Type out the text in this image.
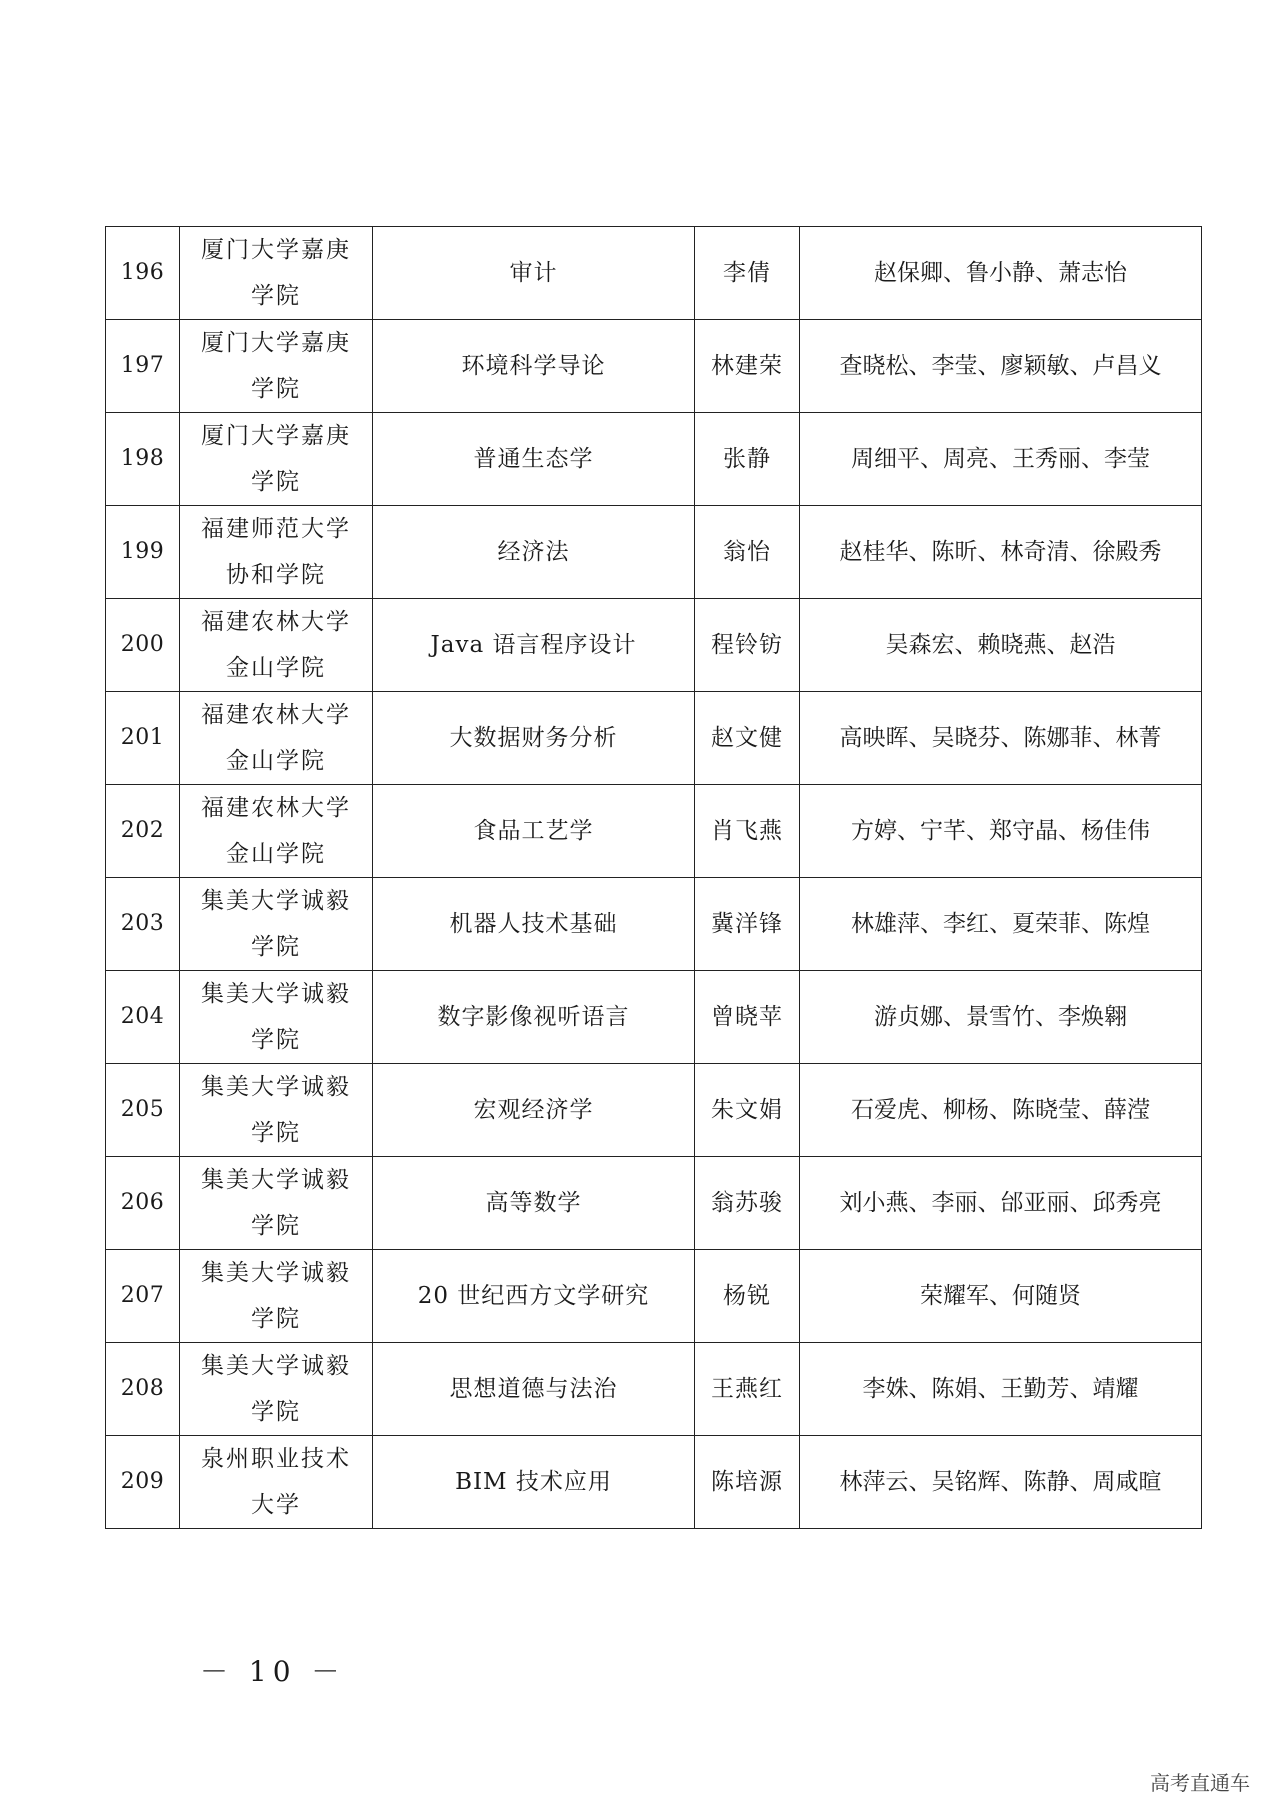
196	厦门大学嘉庚学院	审计	李倩	赵保卿、鲁小静、萧志怡
197	厦门大学嘉庚学院	环境科学导论	林建荣	查晓松、李莹、廖颖敏、卢昌义
198	厦门大学嘉庚学院	普通生态学	张静	周细平、周亮、王秀丽、李莹
199	福建师范大学协和学院	经济法	翁怡	赵桂华、陈昕、林奇清、徐殿秀
200	福建农林大学金山学院	Java 语言程序设计	程铃钫	吴森宏、赖晓燕、赵浩
201	福建农林大学金山学院	大数据财务分析	赵文健	高映晖、吴晓芬、陈娜菲、林菁
202	福建农林大学金山学院	食品工艺学	肖飞燕	方婷、宁芊、郑守晶、杨佳伟
203	集美大学诚毅学院	机器人技术基础	冀洋锋	林雄萍、李红、夏荣菲、陈煌
204	集美大学诚毅学院	数字影像视听语言	曾晓苹	游贞娜、景雪竹、李焕翱
205	集美大学诚毅学院	宏观经济学	朱文娟	石爱虎、柳杨、陈晓莹、薛滢
206	集美大学诚毅学院	高等数学	翁苏骏	刘小燕、李丽、邰亚丽、邱秀亮
207	集美大学诚毅学院	20 世纪西方文学研究	杨锐	荣耀军、何随贤
208	集美大学诚毅学院	思想道德与法治	王燕红	李姝、陈娟、王勤芳、靖耀
209	泉州职业技术大学	BIM 技术应用	陈培源	林萍云、吴铭辉、陈静、周咸暄
－ 10 －
高考直通车
